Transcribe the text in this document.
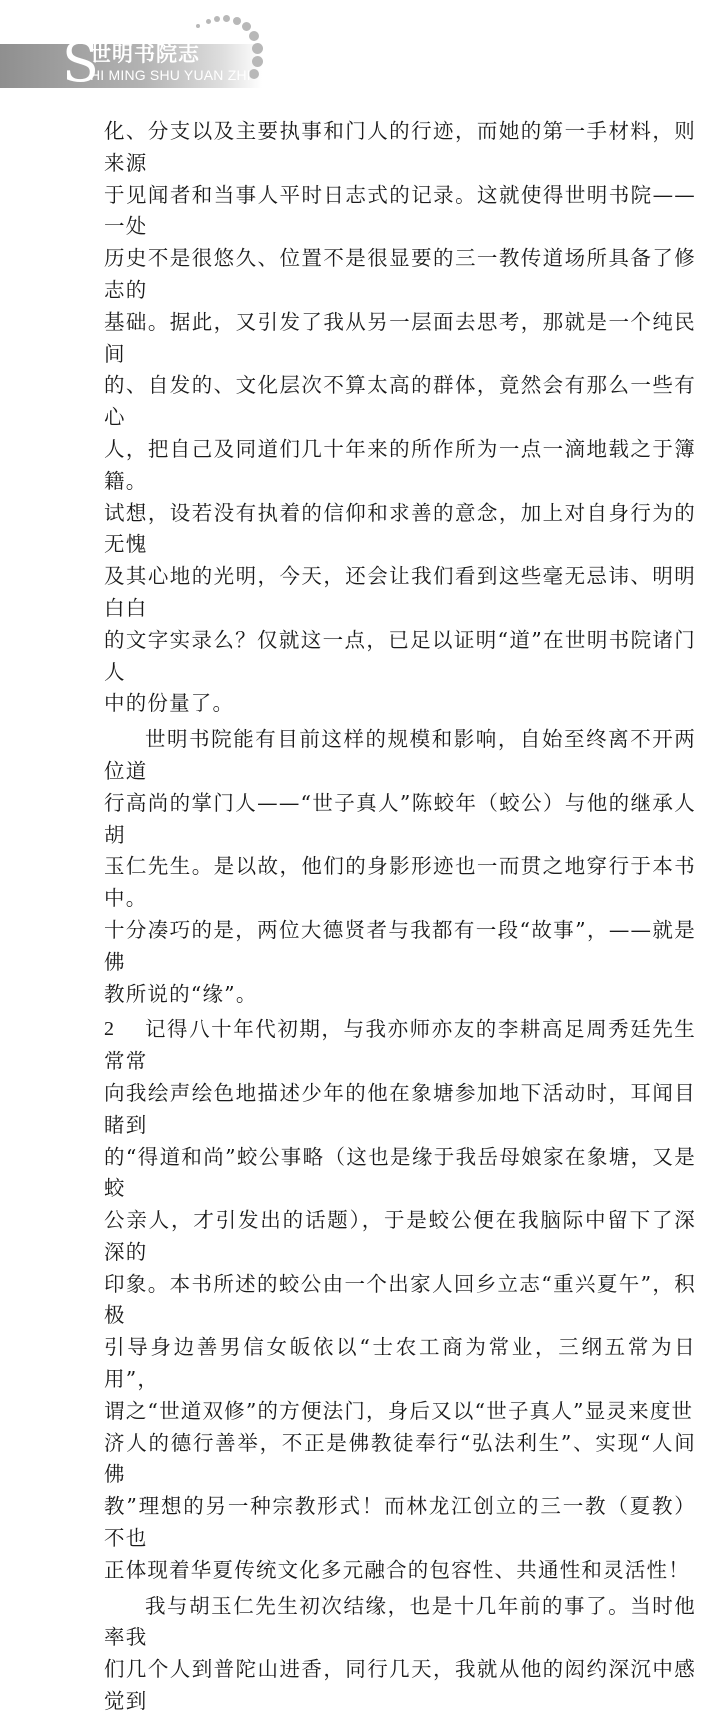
S
世明书院志
HI MING SHU YUAN ZHI
化、分支以及主要执事和门人的行迹，而她的第一手材料，则来源
于见闻者和当事人平时日志式的记录。这就使得世明书院——一处
历史不是很悠久、位置不是很显要的三一教传道场所具备了修志的
基础。据此，又引发了我从另一层面去思考，那就是一个纯民间
的、自发的、文化层次不算太高的群体，竟然会有那么一些有心
人，把自己及同道们几十年来的所作所为一点一滴地载之于簿籍。
试想，设若没有执着的信仰和求善的意念，加上对自身行为的无愧
及其心地的光明，今天，还会让我们看到这些毫无忌讳、明明白白
的文字实录么？仅就这一点，已足以证明“道”在世明书院诸门人
中的份量了。
世明书院能有目前这样的规模和影响，自始至终离不开两位道
行高尚的掌门人——“世子真人”陈蛟年（蛟公）与他的继承人胡
玉仁先生。是以故，他们的身影形迹也一而贯之地穿行于本书中。
十分凑巧的是，两位大德贤者与我都有一段“故事”，——就是佛
教所说的“缘”。
记得八十年代初期，与我亦师亦友的李耕高足周秀廷先生常常
向我绘声绘色地描述少年的他在象塘参加地下活动时，耳闻目睹到
的“得道和尚”蛟公事略（这也是缘于我岳母娘家在象塘，又是蛟
公亲人，才引发出的话题），于是蛟公便在我脑际中留下了深深的
印象。本书所述的蛟公由一个出家人回乡立志“重兴夏午”，积极
引导身边善男信女皈依以“士农工商为常业，三纲五常为日用”，
谓之“世道双修”的方便法门，身后又以“世子真人”显灵来度世
济人的德行善举，不正是佛教徒奉行“弘法利生”、实现“人间佛
教”理想的另一种宗教形式！而林龙江创立的三一教（夏教）不也
正体现着华夏传统文化多元融合的包容性、共通性和灵活性！
我与胡玉仁先生初次结缘，也是十几年前的事了。当时他率我
们几个人到普陀山进香，同行几天，我就从他的闳约深沉中感觉到
2
